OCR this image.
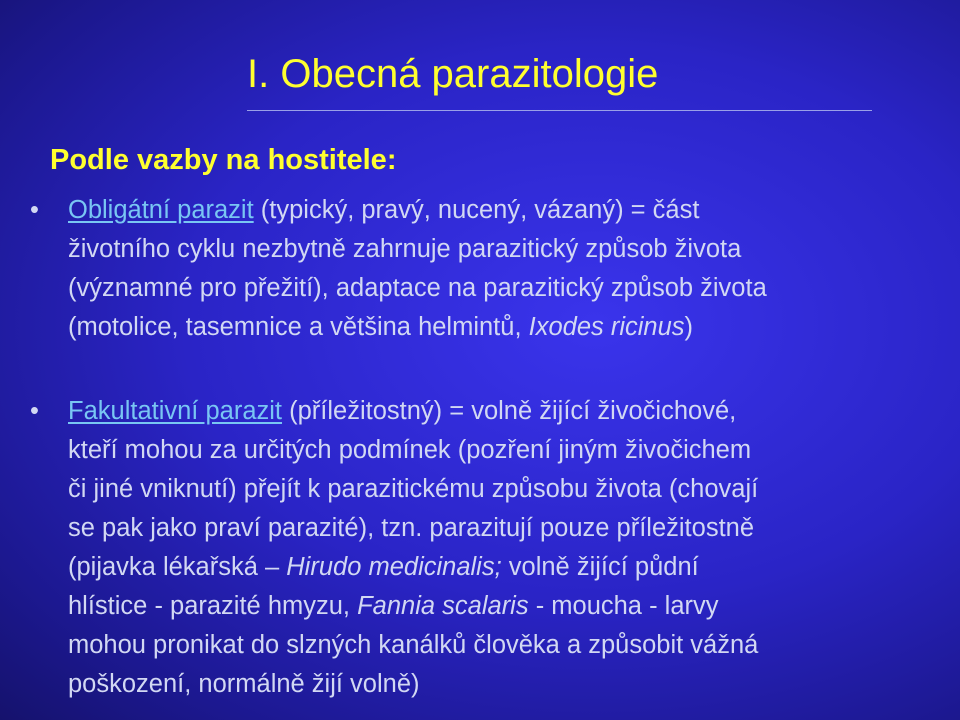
I. Obecná parazitologie
Podle vazby na hostitele:
•	Obligátní parazit (typický, pravý, nucený, vázaný) = část
životního cyklu nezbytně zahrnuje parazitický způsob života
(významné pro přežití), adaptace na parazitický způsob života
(motolice, tasemnice a většina helmintů, Ixodes ricinus)
•	Fakultativní parazit (příležitostný) = volně žijící živočichové,
kteří mohou za určitých podmínek (pozření jiným živočichem
či jiné vniknutí) přejít k parazitickému způsobu života (chovají
se pak jako praví parazité), tzn. parazitují pouze příležitostně
(pijavka lékařská – Hirudo medicinalis; volně žijící půdní
hlístice - parazité hmyzu, Fannia scalaris - moucha - larvy
mohou pronikat do slzných kanálků člověka a způsobit vážná
poškození, normálně žijí volně)
